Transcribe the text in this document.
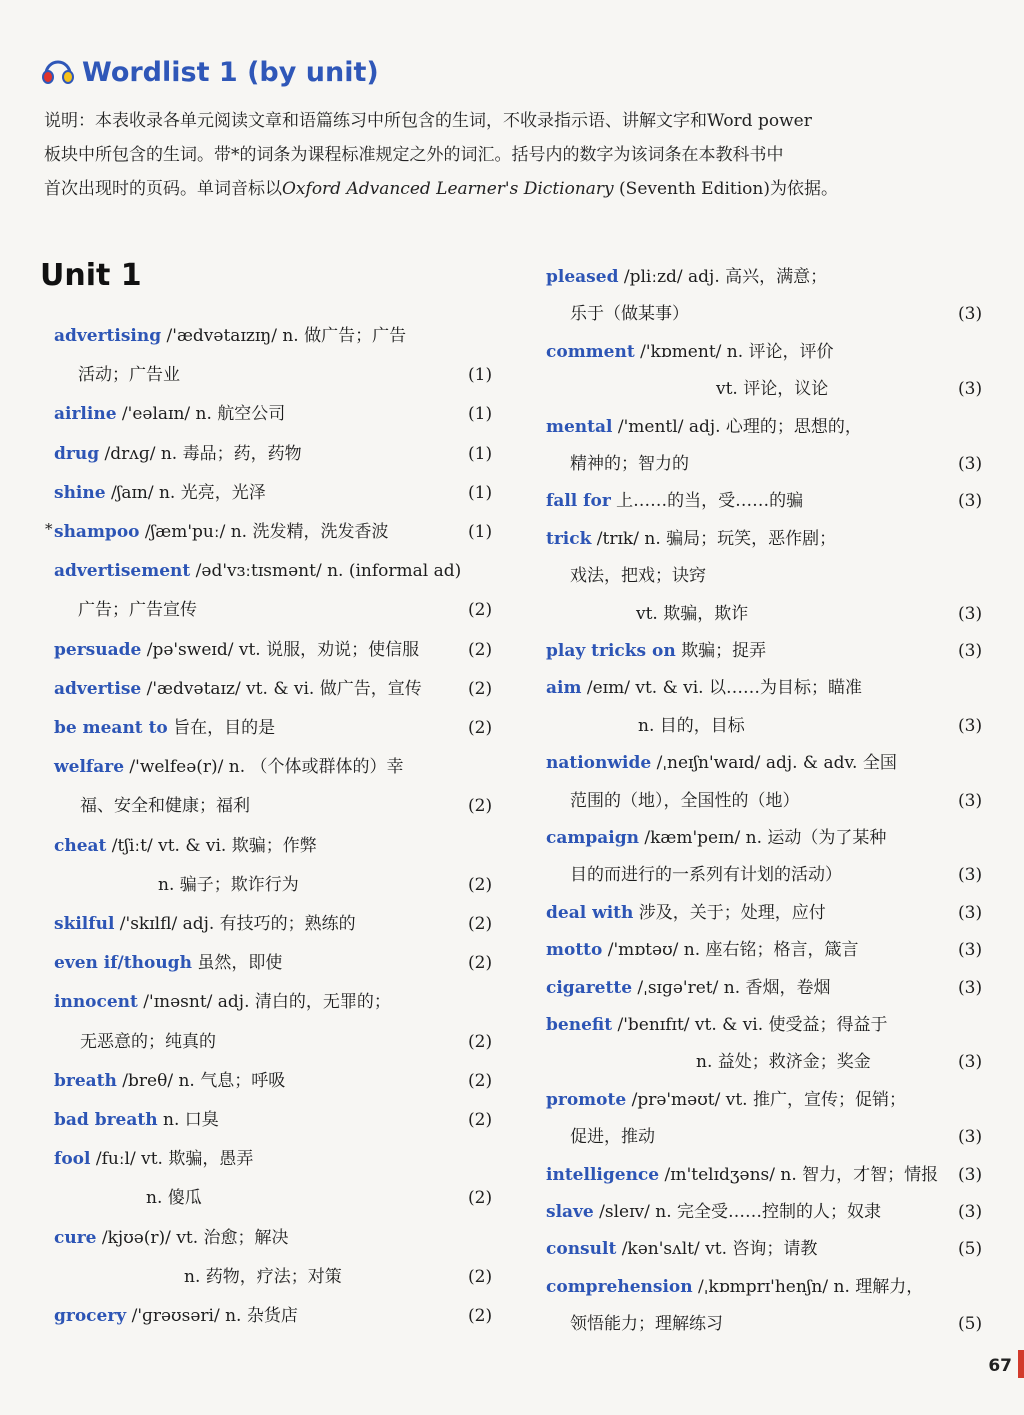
Wordlist 1 (by unit)

说明：本表收录各单元阅读文章和语篇练习中所包含的生词，不收录指示语、讲解文字和Word power

板块中所包含的生词。带*的词条为课程标准规定之外的词汇。括号内的数字为该词条在本教科书中

首次出现时的页码。单词音标以Oxford Advanced Learner's Dictionary (Seventh Edition)为依据。

Unit 1
advertising /'ædvətaɪzɪŋ/ n. 做广告；广告
活动；广告业	(1)
airline /'eəlaɪn/ n. 航空公司	(1)
drug /drʌɡ/ n. 毒品；药，药物	(1)
shine /ʃaɪn/ n. 光亮，光泽	(1)
* shampoo /ʃæm'puː/ n. 洗发精，洗发香波	(1)
advertisement /əd'vɜːtɪsmənt/ n. (informal ad)
广告；广告宣传	(2)
persuade /pə'sweɪd/ vt. 说服，劝说；使信服	(2)
advertise /'ædvətaɪz/ vt. & vi. 做广告，宣传	(2)
be meant to 旨在，目的是	(2)
welfare /'welfeə(r)/ n. （个体或群体的）幸
福、安全和健康；福利	(2)
cheat /tʃiːt/ vt. & vi. 欺骗；作弊
n. 骗子；欺诈行为	(2)
skilful /'skɪlfl/ adj. 有技巧的；熟练的	(2)
even if/though 虽然，即使	(2)
innocent /'ɪnəsnt/ adj. 清白的，无罪的；
无恶意的；纯真的	(2)
breath /breθ/ n. 气息；呼吸	(2)
bad breath n. 口臭	(2)
fool /fuːl/ vt. 欺骗，愚弄
n. 傻瓜	(2)
cure /kjʊə(r)/ vt. 治愈；解决
n. 药物，疗法；对策	(2)
grocery /'ɡrəʊsəri/ n. 杂货店	(2)
pleased /pliːzd/ adj. 高兴，满意；
乐于（做某事）	(3)
comment /'kɒment/ n. 评论，评价
vt. 评论，议论	(3)
mental /'mentl/ adj. 心理的；思想的，
精神的；智力的	(3)
fall for 上……的当，受……的骗	(3)
trick /trɪk/ n. 骗局；玩笑，恶作剧；
戏法，把戏；诀窍
vt. 欺骗，欺诈	(3)
play tricks on 欺骗；捉弄	(3)
aim /eɪm/ vt. & vi. 以……为目标；瞄准
n. 目的，目标	(3)
nationwide /ˌneɪʃn'waɪd/ adj. & adv. 全国
范围的（地），全国性的（地）	(3)
campaign /kæm'peɪn/ n. 运动（为了某种
目的而进行的一系列有计划的活动）	(3)
deal with 涉及，关于；处理，应付	(3)
motto /'mɒtəʊ/ n. 座右铭；格言，箴言	(3)
cigarette /ˌsɪɡə'ret/ n. 香烟，卷烟	(3)
benefit /'benɪfɪt/ vt. & vi. 使受益；得益于
n. 益处；救济金；奖金	(3)
promote /prə'məʊt/ vt. 推广，宣传；促销；
促进，推动	(3)
intelligence /ɪn'telɪdʒəns/ n. 智力，才智；情报 (3)
slave /sleɪv/ n. 完全受……控制的人；奴隶	(3)
consult /kən'sʌlt/ vt. 咨询；请教	(5)
comprehension /ˌkɒmprɪ'henʃn/ n. 理解力，
领悟能力；理解练习	(5)
67
